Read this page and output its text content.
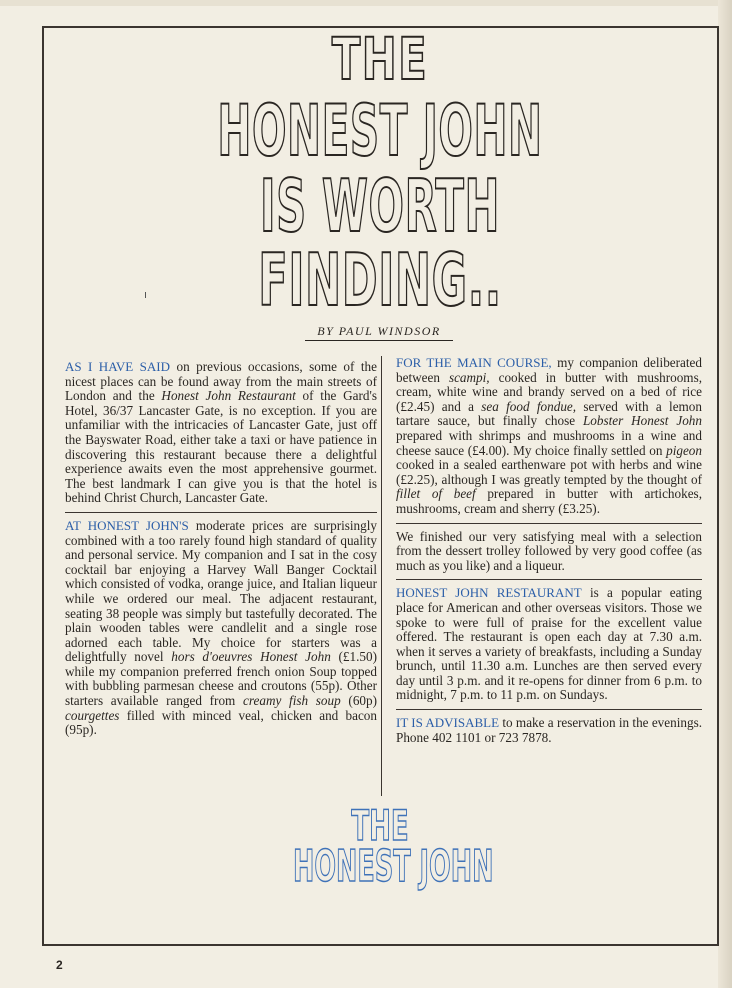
THE
HONEST JOHN
IS WORTH
FINDING..
BY PAUL WINDSOR

AS I HAVE SAID on previous occasions, some of the nicest places can be found away from the main streets of London and the Honest John Restaurant of the Gard's Hotel, 36/37 Lancaster Gate, is no exception. If you are unfamiliar with the intricacies of Lancaster Gate, just off the Bayswater Road, either take a taxi or have patience in discovering this restaurant because there a delightful experience awaits even the most apprehensive gourmet. The best landmark I can give you is that the hotel is behind Christ Church, Lancaster Gate.

AT HONEST JOHN'S moderate prices are surprisingly combined with a too rarely found high standard of quality and personal service. My companion and I sat in the cosy cocktail bar enjoying a Harvey Wall Banger Cocktail which consisted of vodka, orange juice, and Italian liqueur while we ordered our meal. The adjacent restaurant, seating 38 people was simply but tastefully decorated. The plain wooden tables were candlelit and a single rose adorned each table. My choice for starters was a delightfully novel hors d'oeuvres Honest John (£1.50) while my companion preferred french onion Soup topped with bubbling parmesan cheese and croutons (55p). Other starters available ranged from creamy fish soup (60p) courgettes filled with minced veal, chicken and bacon (95p).

FOR THE MAIN COURSE, my companion deliberated between scampi, cooked in butter with mushrooms, cream, white wine and brandy served on a bed of rice (£2.45) and a sea food fondue, served with a lemon tartare sauce, but finally chose Lobster Honest John prepared with shrimps and mushrooms in a wine and cheese sauce (£4.00). My choice finally settled on pigeon cooked in a sealed earthenware pot with herbs and wine (£2.25), although I was greatly tempted by the thought of fillet of beef prepared in butter with artichokes, mushrooms, cream and sherry (£3.25).

We finished our very satisfying meal with a selection from the dessert trolley followed by very good coffee (as much as you like) and a liqueur.

HONEST JOHN RESTAURANT is a popular eating place for American and other overseas visitors. Those we spoke to were full of praise for the excellent value offered. The restaurant is open each day at 7.30 a.m. when it serves a variety of breakfasts, including a Sunday brunch, until 11.30 a.m. Lunches are then served every day until 3 p.m. and it re-opens for dinner from 6 p.m. to midnight, 7 p.m. to 11 p.m. on Sundays.

IT IS ADVISABLE to make a reservation in the evenings. Phone 402 1101 or 723 7878.

THE
HONEST JOHN
2
